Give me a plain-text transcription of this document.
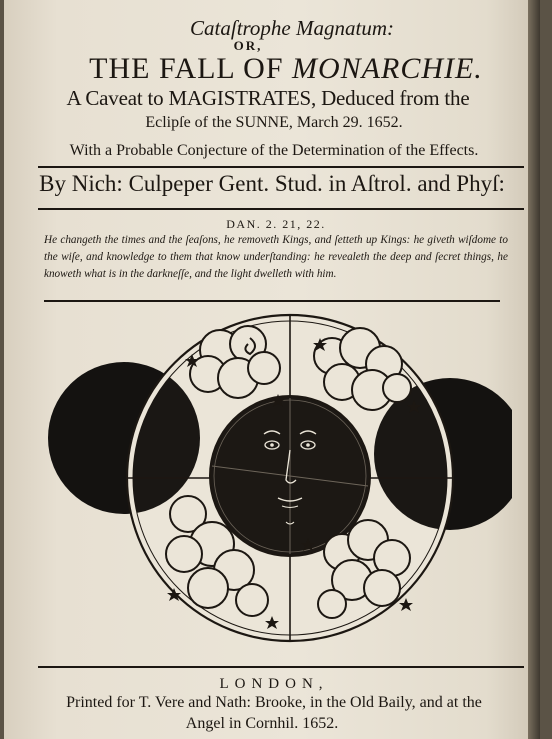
Cataſtrophe Magnatum:
OR,
THE FALL OF MONARCHIE.
A Caveat to MAGISTRATES, Deduced from the
Eclipſe of the SUNNE, March 29. 1652.
With a Probable Conjecture of the Determination of the Effects.
By Nich: Culpeper Gent. Stud. in Aſtrol. and Phyſ:
DAN. 2. 21, 22.
He changeth the times and the ſeaſons, he removeth Kings, and ſetteth up Kings: he giveth wiſdome to the wiſe, and knowledge to them that know underſtanding: he revealeth the deep and ſecret things, he knoweth what is in the darkneſſe, and the light dwelleth with him.
LONDON,
Printed for T. Vere and Nath: Brooke, in the Old Baily, and at the
Angel in Cornhil. 1652.
